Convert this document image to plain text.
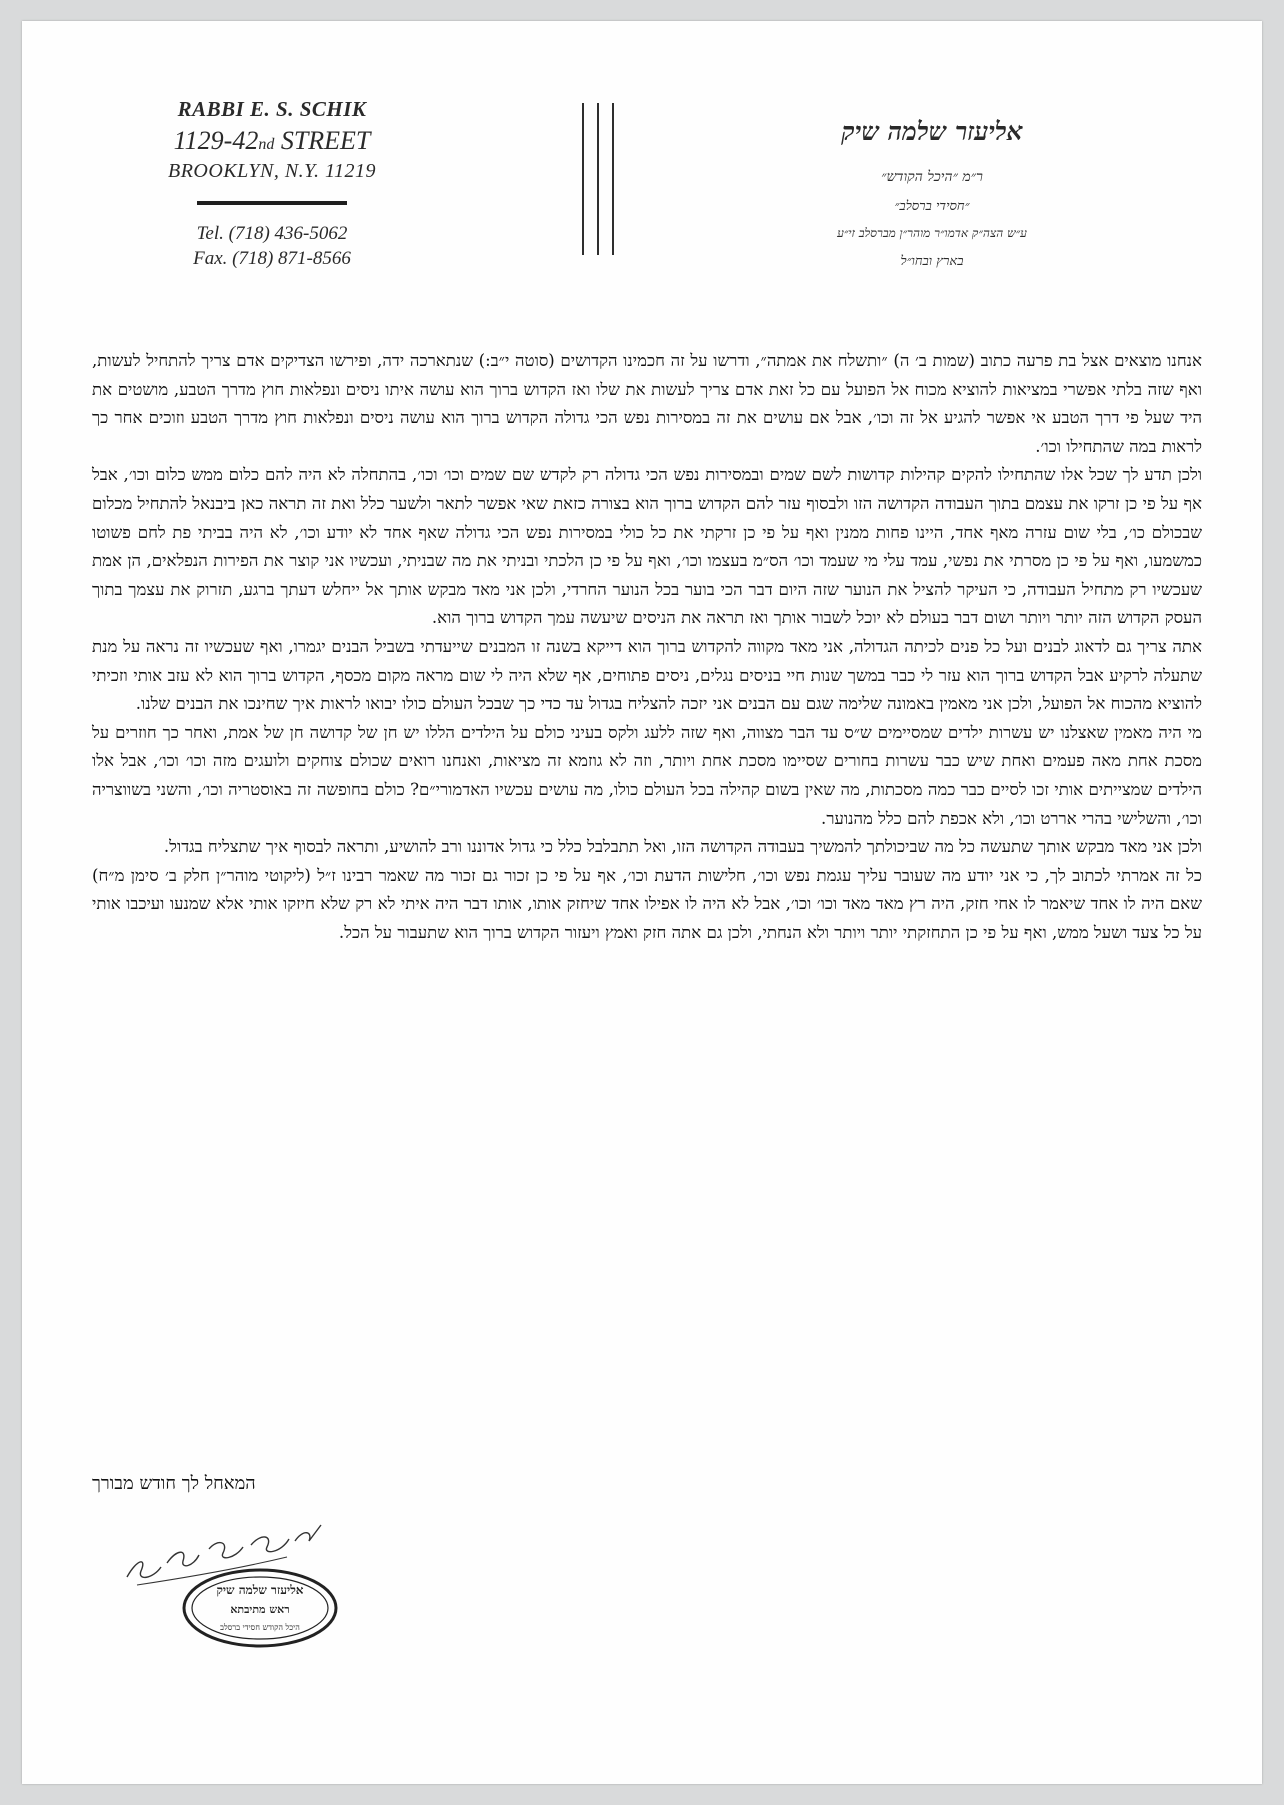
RABBI E. S. SCHIK
1129-42nd STREET
BROOKLYN, N.Y. 11219
Tel. (718) 436-5062
Fax. (718) 871-8566
אליעזר שלמה שיק
ר״מ ״היכל הקודש״
״חסידי ברסלב״
ע״ש הצה״ק אדמו״ר מוהר״ן מברסלב זי״ע
בארץ ובחו״ל

אנחנו מוצאים אצל בת פרעה כתוב (שמות ב׳ ה) ״ותשלח את אמתה״, ודרשו על זה חכמינו הקדושים (סוטה י״ב:) שנתארכה ידה, ופירשו הצדיקים אדם צריך להתחיל לעשות, ואף שזה בלתי אפשרי במציאות להוציא מכוח אל הפועל עם כל זאת אדם צריך לעשות את שלו ואז הקדוש ברוך הוא עושה איתו ניסים ונפלאות חוץ מדרך הטבע, מושטים את היד שעל פי דרך הטבע אי אפשר להגיע אל זה וכו׳, אבל אם עושים את זה במסירות נפש הכי גדולה הקדוש ברוך הוא עושה ניסים ונפלאות חוץ מדרך הטבע וזוכים אחר כך לראות במה שהתחילו וכו׳.

ולכן תדע לך שכל אלו שהתחילו להקים קהילות קדושות לשם שמים ובמסירות נפש הכי גדולה רק לקדש שם שמים וכו׳ וכו׳, בהתחלה לא היה להם כלום ממש כלום וכו׳, אבל אף על פי כן זרקו את עצמם בתוך העבודה הקדושה הזו ולבסוף עזר להם הקדוש ברוך הוא בצורה כזאת שאי אפשר לתאר ולשער כלל ואת זה תראה כאן ביבנאל להתחיל מכלום שבכולם כו׳, בלי שום עזרה מאף אחד, היינו פחות ממנין ואף על פי כן זרקתי את כל כולי במסירות נפש הכי גדולה שאף אחד לא יודע וכו׳, לא היה בביתי פת לחם פשוטו כמשמעו, ואף על פי כן מסרתי את נפשי, עמד עלי מי שעמד וכו׳ הס״מ בעצמו וכו׳, ואף על פי כן הלכתי ובניתי את מה שבניתי, ועכשיו אני קוצר את הפירות הנפלאים, הן אמת שעכשיו רק מתחיל העבודה, כי העיקר להציל את הנוער שזה היום דבר הכי בוער בכל הנוער החרדי, ולכן אני מאד מבקש אותך אל ייחלש דעתך ברגע, תזרוק את עצמך בתוך העסק הקדוש הזה יותר ויותר ושום דבר בעולם לא יוכל לשבור אותך ואז תראה את הניסים שיעשה עמך הקדוש ברוך הוא.

אתה צריך גם לדאוג לבנים ועל כל פנים לכיתה הגדולה, אני מאד מקווה להקדוש ברוך הוא דייקא בשנה זו המבנים שייעדתי בשביל הבנים יגמרו, ואף שעכשיו זה נראה על מנת שתעלה לרקיע אבל הקדוש ברוך הוא עזר לי כבר במשך שנות חיי בניסים נגלים, ניסים פתוחים, אף שלא היה לי שום מראה מקום מכסף, הקדוש ברוך הוא לא עזב אותי וזכיתי להוציא מהכוח אל הפועל, ולכן אני מאמין באמונה שלימה שגם עם הבנים אני יזכה להצליח בגדול עד כדי כך שבכל העולם כולו יבואו לראות איך שחינכו את הבנים שלנו.

מי היה מאמין שאצלנו יש עשרות ילדים שמסיימים ש״ס עד הבר מצווה, ואף שזה ללעג ולקס בעיני כולם על הילדים הללו יש חן של קדושה חן של אמת, ואחר כך חוזרים על מסכת אחת מאה פעמים ואחת שיש כבר עשרות בחורים שסיימו מסכת אחת ויותר, וזה לא גוזמא זה מציאות, ואנחנו רואים שכולם צוחקים ולועגים מזה וכו׳ וכו׳, אבל אלו הילדים שמצייתים אותי זכו לסיים כבר כמה מסכתות, מה שאין בשום קהילה בכל העולם כולו, מה עושים עכשיו האדמורי״ם? כולם בחופשה זה באוסטריה וכו׳, והשני בשווצריה וכו׳, והשלישי בהרי אררט וכו׳, ולא אכפת להם כלל מהנוער.

ולכן אני מאד מבקש אותך שתעשה כל מה שביכולתך להמשיך בעבודה הקדושה הזו, ואל תתבלבל כלל כי גדול אדוננו ורב להושיע, ותראה לבסוף איך שתצליח בגדול.

כל זה אמרתי לכתוב לך, כי אני יודע מה שעובר עליך עגמת נפש וכו׳, חלישות הדעת וכו׳, אף על פי כן זכור גם זכור מה שאמר רבינו ז״ל (ליקוטי מוהר״ן חלק ב׳ סימן מ״ח) שאם היה לו אחד שיאמר לו אחי חזק, היה רץ מאד מאד וכו׳ וכו׳, אבל לא היה לו אפילו אחד שיחזק אותו, אותו דבר היה איתי לא רק שלא חיזקו אותי אלא שמנעו ועיכבו אותי על כל צעד ושעל ממש, ואף על פי כן התחזקתי יותר ויותר ולא הנחתי, ולכן גם אתה חזק ואמץ ויעזור הקדוש ברוך הוא שתעבור על הכל.

המאחל לך חודש מבורך
אליעזר שלמה שיק
ראש מתיבתא
היכל הקודש חסידי ברסלב
